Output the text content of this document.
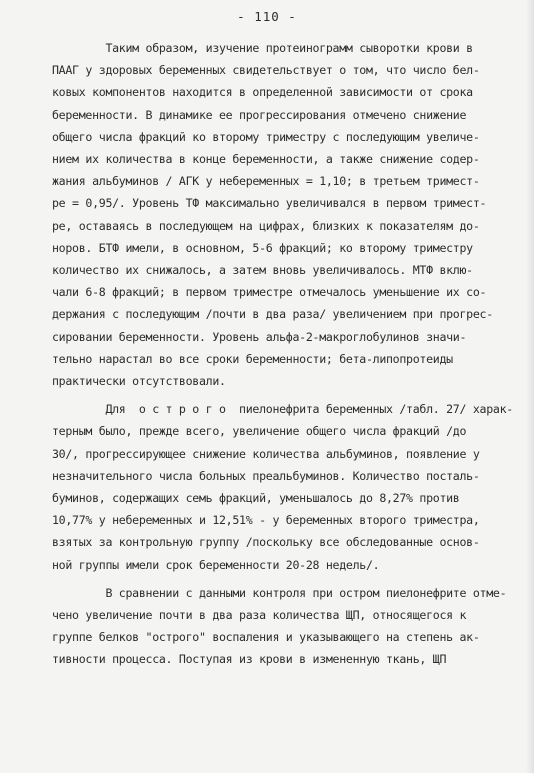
- 110 -
Таким образом, изучение протеинограмм сыворотки крови в
ПААГ у здоровых беременных свидетельствует о том, что число бел-
ковых компонентов находится в определенной зависимости от срока
беременности. В динамике ее прогрессирования отмечено снижение
общего числа фракций ко второму триместру с последующим увеличе-
нием их количества в конце беременности, а также снижение содер-
жания альбуминов / АГК у небеременных = 1,10; в третьем тримест-
ре = 0,95/. Уровень ТФ максимально увеличивался в первом тримест-
ре, оставаясь в последующем на цифрах, близких к показателям до-
норов. БТФ имели, в основном, 5-6 фракций; ко второму триместру
количество их снижалось, а затем вновь увеличивалось. МТФ вклю-
чали 6-8 фракций; в первом триместре отмечалось уменьшение их со-
держания с последующим /почти в два раза/ увеличением при прогрес-
сировании беременности. Уровень альфа-2-макроглобулинов значи-
тельно нарастал во все сроки беременности; бета-липопротеиды
практически отсутствовали.
Для  о с т р о г о  пиелонефрита беременных /табл. 27/ харак-
терным было, прежде всего, увеличение общего числа фракций /до
30/, прогрессирующее снижение количества альбуминов, появление у
незначительного числа больных преальбуминов. Количество посталь-
буминов, содержащих семь фракций, уменьшалось до 8,27% против
10,77% у небеременных и 12,51% - у беременных второго триместра,
взятых за контрольную группу /поскольку все обследованные основ-
ной группы имели срок беременности 20-28 недель/.
В сравнении с данными контроля при остром пиелонефрите отме-
чено увеличение почти в два раза количества ЩП, относящегося к
группе белков "острого" воспаления и указывающего на степень ак-
тивности процесса. Поступая из крови в измененную ткань, ЩП
